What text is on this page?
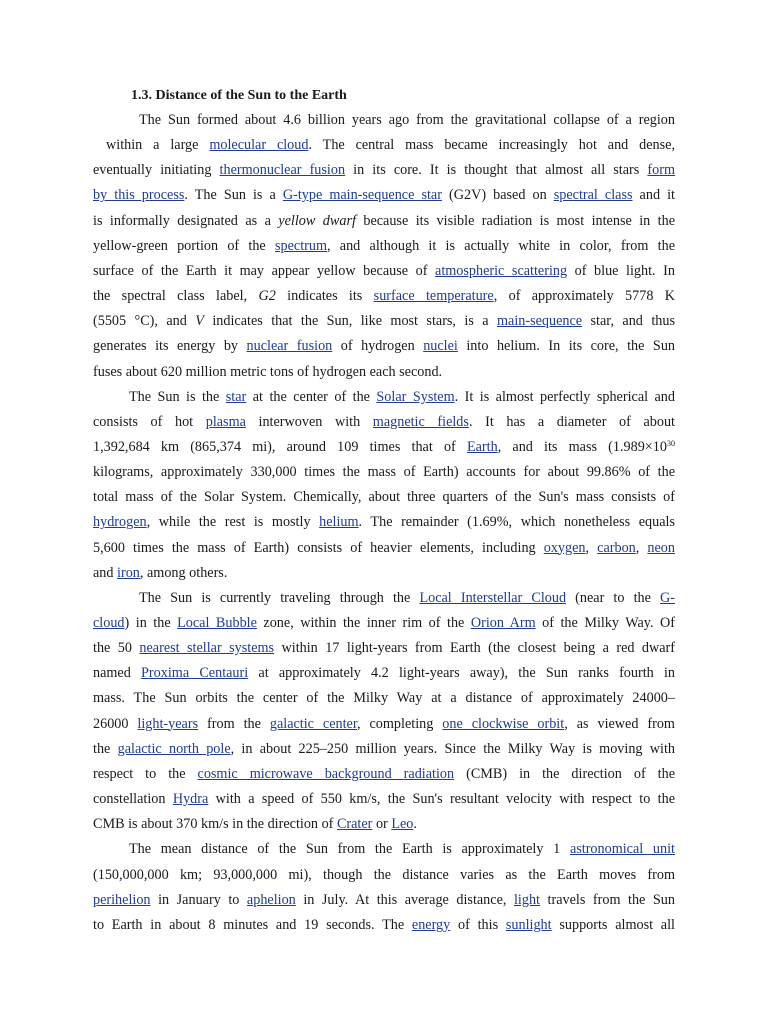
1.3. Distance of the Sun to the Earth
The Sun formed about 4.6 billion years ago from the gravitational collapse of a region
within a large molecular cloud. The central mass became increasingly hot and dense,
eventually initiating thermonuclear fusion in its core. It is thought that almost all stars form
by this process. The Sun is a G-type main-sequence star (G2V) based on spectral class and it
is informally designated as a yellow dwarf because its visible radiation is most intense in the
yellow-green portion of the spectrum, and although it is actually white in color, from the
surface of the Earth it may appear yellow because of atmospheric scattering of blue light. In
the spectral class label, G2 indicates its surface temperature, of approximately 5778 K
(5505 °C), and V indicates that the Sun, like most stars, is a main-sequence star, and thus
generates its energy by nuclear fusion of hydrogen nuclei into helium. In its core, the Sun
fuses about 620 million metric tons of hydrogen each second.
The Sun is the star at the center of the Solar System. It is almost perfectly spherical and
consists of hot plasma interwoven with magnetic fields. It has a diameter of about
1,392,684 km (865,374 mi), around 109 times that of Earth, and its mass ($1.989\times 10^{30}$
kilograms, approximately 330,000 times the mass of Earth) accounts for about 99.86% of the
total mass of the Solar System. Chemically, about three quarters of the Sun's mass consists of
hydrogen, while the rest is mostly helium. The remainder (1.69%, which nonetheless equals
5,600 times the mass of Earth) consists of heavier elements, including oxygen, carbon, neon
and iron, among others.
The Sun is currently traveling through the Local Interstellar Cloud (near to the G-
cloud) in the Local Bubble zone, within the inner rim of the Orion Arm of the Milky Way. Of
the 50 nearest stellar systems within 17 light-years from Earth (the closest being a red dwarf
named Proxima Centauri at approximately 4.2 light-years away), the Sun ranks fourth in
mass. The Sun orbits the center of the Milky Way at a distance of approximately 24000–
26000 light-years from the galactic center, completing one clockwise orbit, as viewed from
the galactic north pole, in about 225–250 million years. Since the Milky Way is moving with
respect to the cosmic microwave background radiation (CMB) in the direction of the
constellation Hydra with a speed of 550 km/s, the Sun's resultant velocity with respect to the
CMB is about 370 km/s in the direction of Crater or Leo.
The mean distance of the Sun from the Earth is approximately 1 astronomical unit
(150,000,000 km; 93,000,000 mi), though the distance varies as the Earth moves from
perihelion in January to aphelion in July. At this average distance, light travels from the Sun
to Earth in about 8 minutes and 19 seconds. The energy of this sunlight supports almost all
